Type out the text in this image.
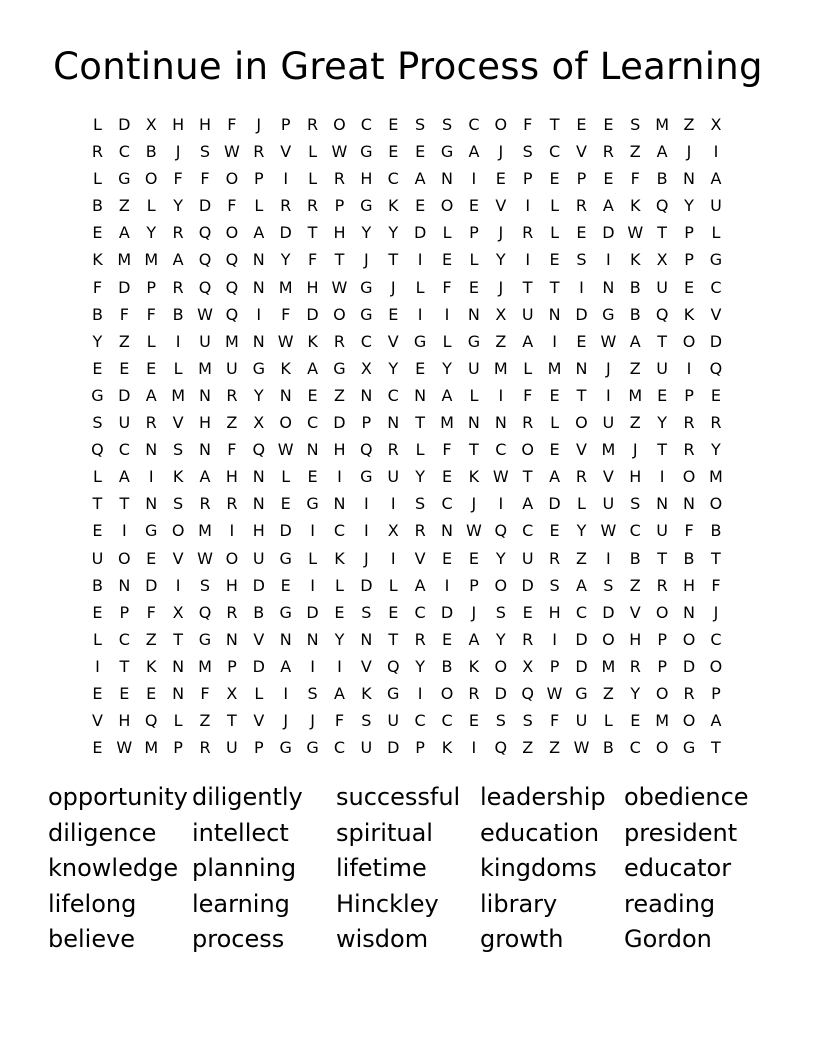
Continue in Great Process of Learning
L	D X H H	F	J	P	R O C	E	S	S	C O	F	T	E	E	S M Z X
R C B	J	S W R V	L W G E	E G A	J	S	C V R Z A	J	I
L	G O	F	F O P	I	L	R H C A N	I	E	P	E	P	E	F	B N A
B Z	L	Y D	F	L	R R	P G K	E O E	V	I	L	R A	K Q Y	U
E	A	Y	R Q O A D T H Y	Y D	L	P	J	R	L	E D W T	P	L
K M M A Q Q N	Y	F	T	J	T	I	E	L	Y	I	E	S	I	K	X	P G
F	D P	R Q Q N M H W G	J	L	F	E	J	T	T	I	N B U E	C
B	F	F	B W Q	I	F	D O G E	I	I	N X U N D G B Q K	V
Y	Z	L	I	U M N W K	R C V G	L	G Z A	I	E W A	T O D
E	E	E	L M U G K	A G X	Y	E	Y	U M L M N	J	Z U	I	Q
G D A M N R	Y	N E	Z N C N A	L	I	F	E	T	I	M E	P	E
S U R V H Z X O C D P	N	T M N N R	L	O U Z	Y	R R
Q C N S N	F Q W N H Q R	L	F	T	C O E	V M	J	T	R	Y
L	A	I	K	A H N	L	E	I	G U	Y	E	K W T	A R V H	I	O M
T	T	N S	R R N E G N	I	I	S	C	J	I	A D	L	U S N N O
E	I	G O M	I	H D	I	C	I	X R N W Q C	E	Y W C U	F	B
U O E	V W O U G	L	K	J	I	V	E	E	Y	U R Z	I	B	T	B	T
B N D	I	S H D E	I	L	D	L	A	I	P O D S	A	S	Z R H	F
E	P	F	X Q R B G D E	S	E	C D	J	S	E H C D V O N	J
L	C Z	T G N V N N	Y	N	T	R	E	A	Y	R	I	D O H	P O C
I	T	K N M P D A	I	I	V Q Y	B	K O X	P D M R	P D O
E	E	E N	F	X	L	I	S	A	K G	I	O R D Q W G Z	Y O R	P
V H Q	L	Z	T	V	J	J	F	S U C C	E	S	S	F	U	L	E M O A
E W M P	R U	P G G C U D P	K	I	Q Z Z W B C O G T
opportunity diligently	successful leadership obedience
diligence	intellect	spiritual	education	president
knowledge planning	lifetime	kingdoms	educator
lifelong	learning	Hinckley	library	reading
believe	process	wisdom	growth	Gordon
